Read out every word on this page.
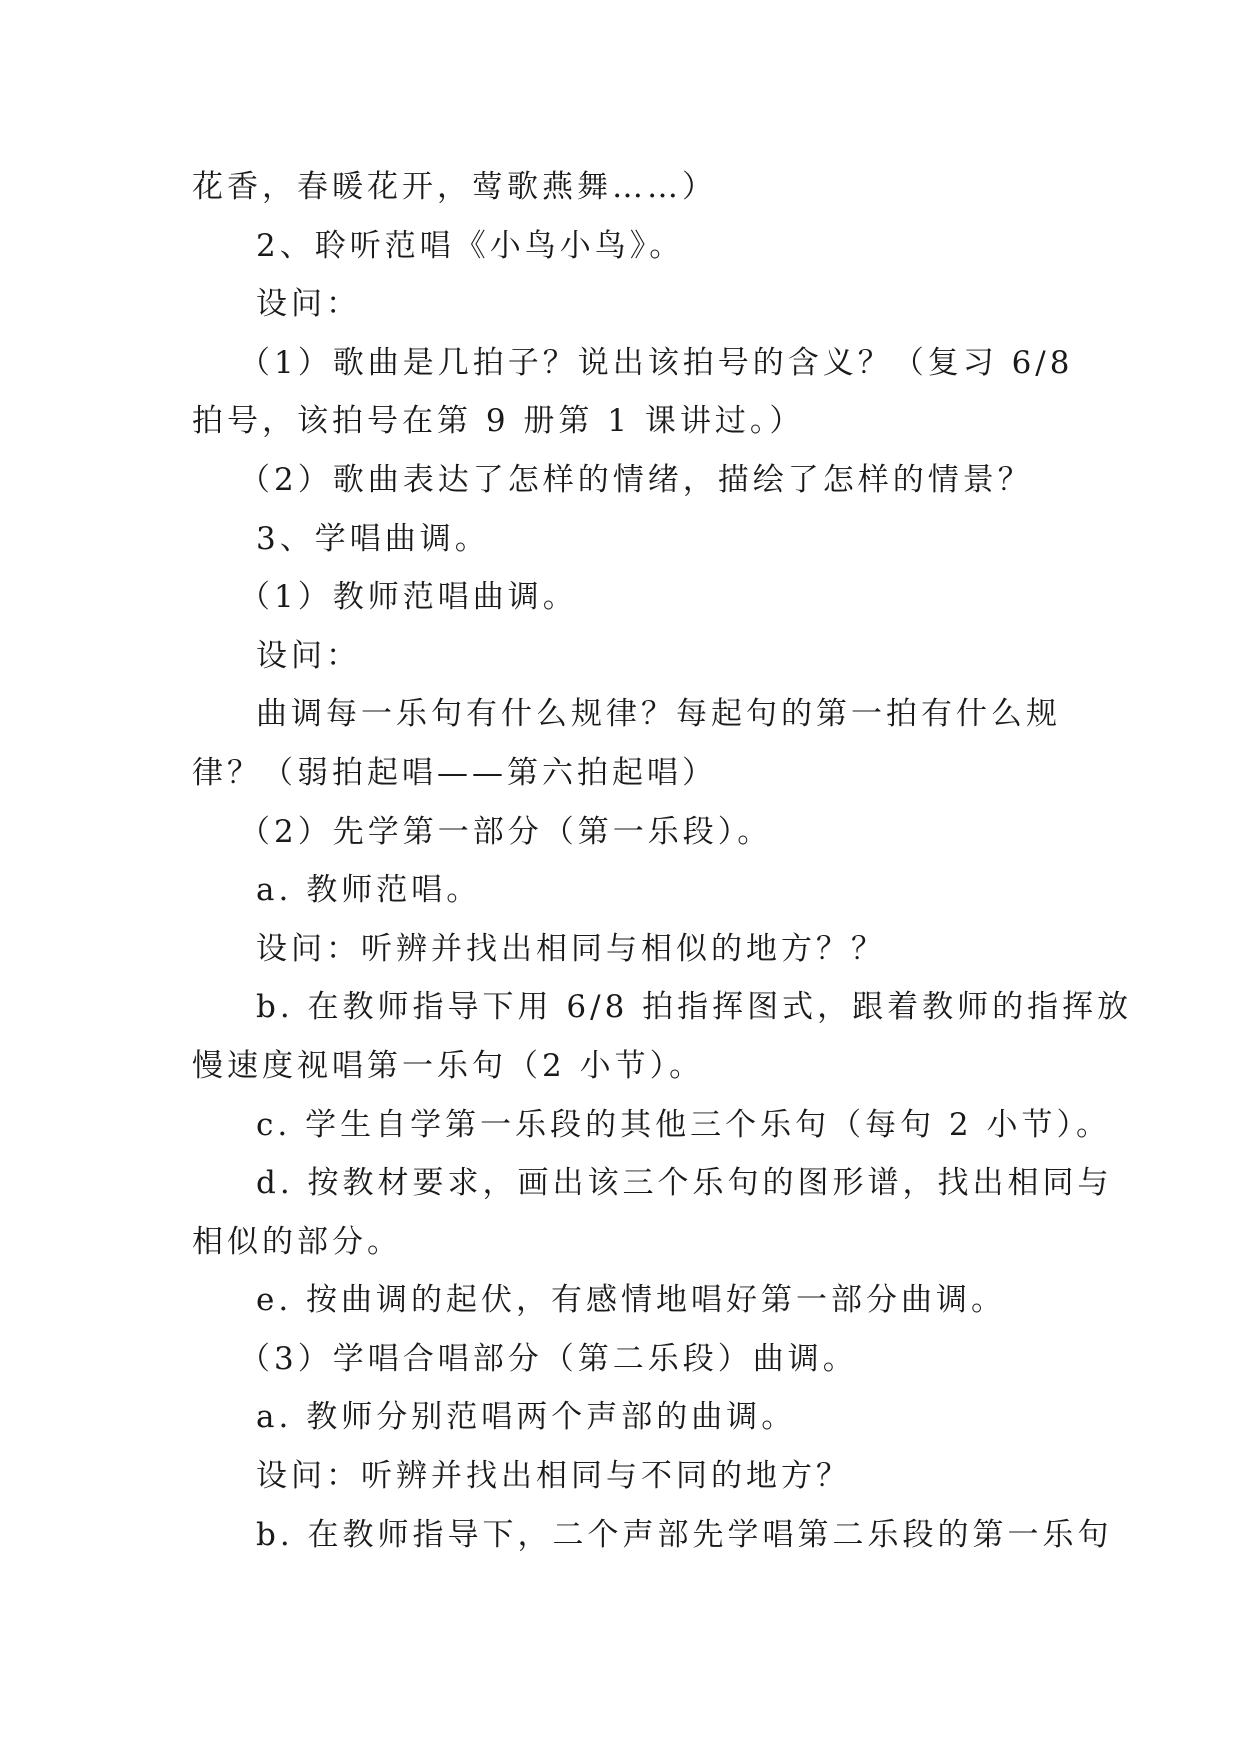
花香，春暖花开，莺歌燕舞……）
2、聆听范唱《小鸟小鸟》。
设问：
（1）歌曲是几拍子？说出该拍号的含义？（复习 6/8
拍号，该拍号在第 9 册第 1 课讲过。）
（2）歌曲表达了怎样的情绪，描绘了怎样的情景？
3、学唱曲调。
（1）教师范唱曲调。
设问：
曲调每一乐句有什么规律？每起句的第一拍有什么规
律？（弱拍起唱——第六拍起唱）
（2）先学第一部分（第一乐段）。
a. 教师范唱。
设问：听辨并找出相同与相似的地方？？
b. 在教师指导下用 6/8 拍指挥图式，跟着教师的指挥放
慢速度视唱第一乐句（2 小节）。
c. 学生自学第一乐段的其他三个乐句（每句 2 小节）。
d. 按教材要求，画出该三个乐句的图形谱，找出相同与
相似的部分。
e. 按曲调的起伏，有感情地唱好第一部分曲调。
（3）学唱合唱部分（第二乐段）曲调。
a. 教师分别范唱两个声部的曲调。
设问：听辨并找出相同与不同的地方？
b. 在教师指导下，二个声部先学唱第二乐段的第一乐句
